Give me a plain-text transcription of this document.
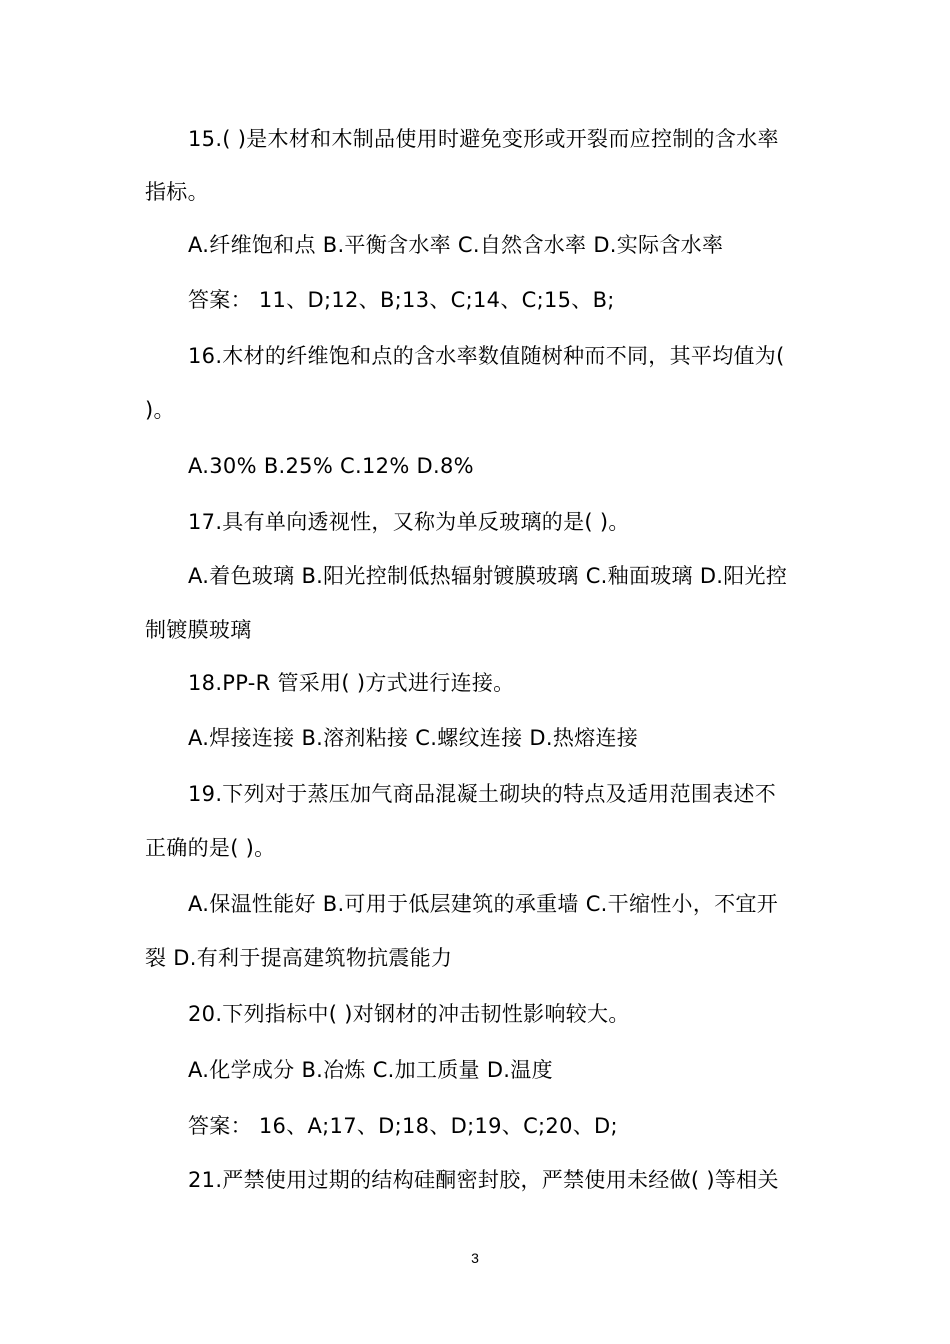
15.( )是木材和木制品使用时避免变形或开裂而应控制的含水率
指标。
A.纤维饱和点 B.平衡含水率 C.自然含水率 D.实际含水率
答案： 11、D;12、B;13、C;14、C;15、B;
16.木材的纤维饱和点的含水率数值随树种而不同，其平均值为(
)。
A.30% B.25% C.12% D.8%
17.具有单向透视性，又称为单反玻璃的是( )。
A.着色玻璃 B.阳光控制低热辐射镀膜玻璃 C.釉面玻璃 D.阳光控
制镀膜玻璃
18.PP-R 管采用( )方式进行连接。
A.焊接连接 B.溶剂粘接 C.螺纹连接 D.热熔连接
19.下列对于蒸压加气商品混凝土砌块的特点及适用范围表述不
正确的是( )。
A.保温性能好 B.可用于低层建筑的承重墙 C.干缩性小，不宜开
裂 D.有利于提高建筑物抗震能力
20.下列指标中( )对钢材的冲击韧性影响较大。
A.化学成分 B.冶炼 C.加工质量 D.温度
答案： 16、A;17、D;18、D;19、C;20、D;
21.严禁使用过期的结构硅酮密封胶，严禁使用未经做( )等相关
3
